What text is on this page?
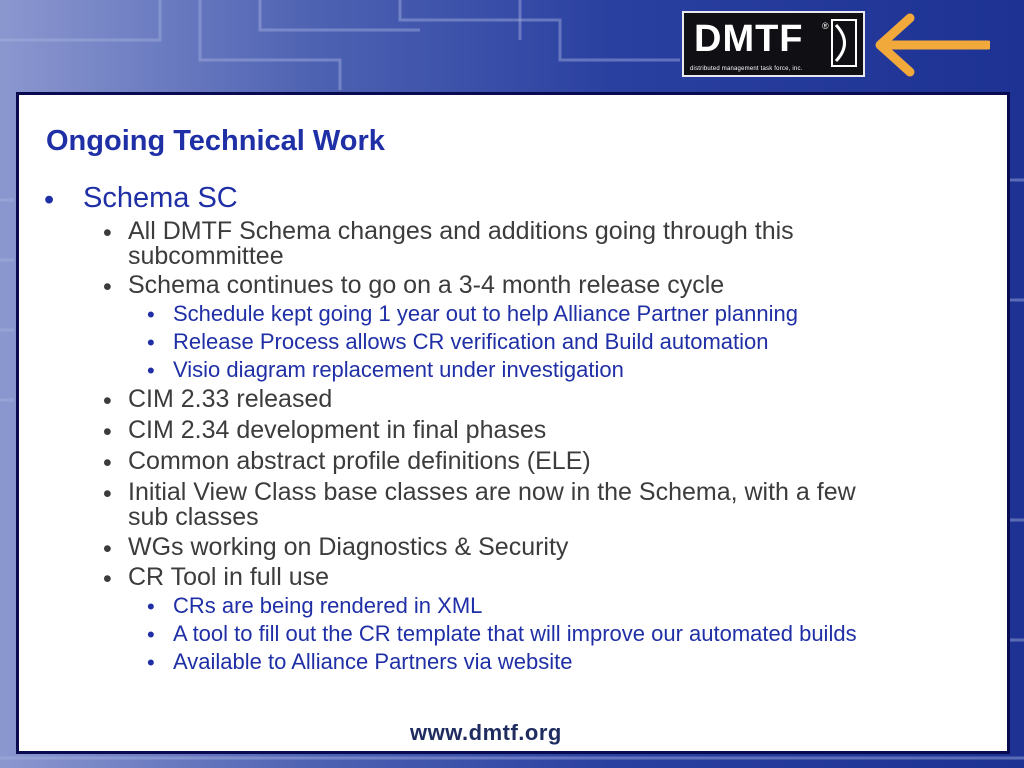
DMTF ®
distributed management task force, inc.
Ongoing Technical Work
• Schema SC
• All DMTF Schema changes and additions going through this
subcommittee
• Schema continues to go on a 3-4 month release cycle
• Schedule kept going 1 year out to help Alliance Partner planning
• Release Process allows CR verification and Build automation
• Visio diagram replacement under investigation
• CIM 2.33 released
• CIM 2.34 development in final phases
• Common abstract profile definitions (ELE)
• Initial View Class base classes are now in the Schema, with a few
sub classes
• WGs working on Diagnostics & Security
• CR Tool in full use
• CRs are being rendered in XML
• A tool to fill out the CR template that will improve our automated builds
• Available to Alliance Partners via website
www.dmtf.org
